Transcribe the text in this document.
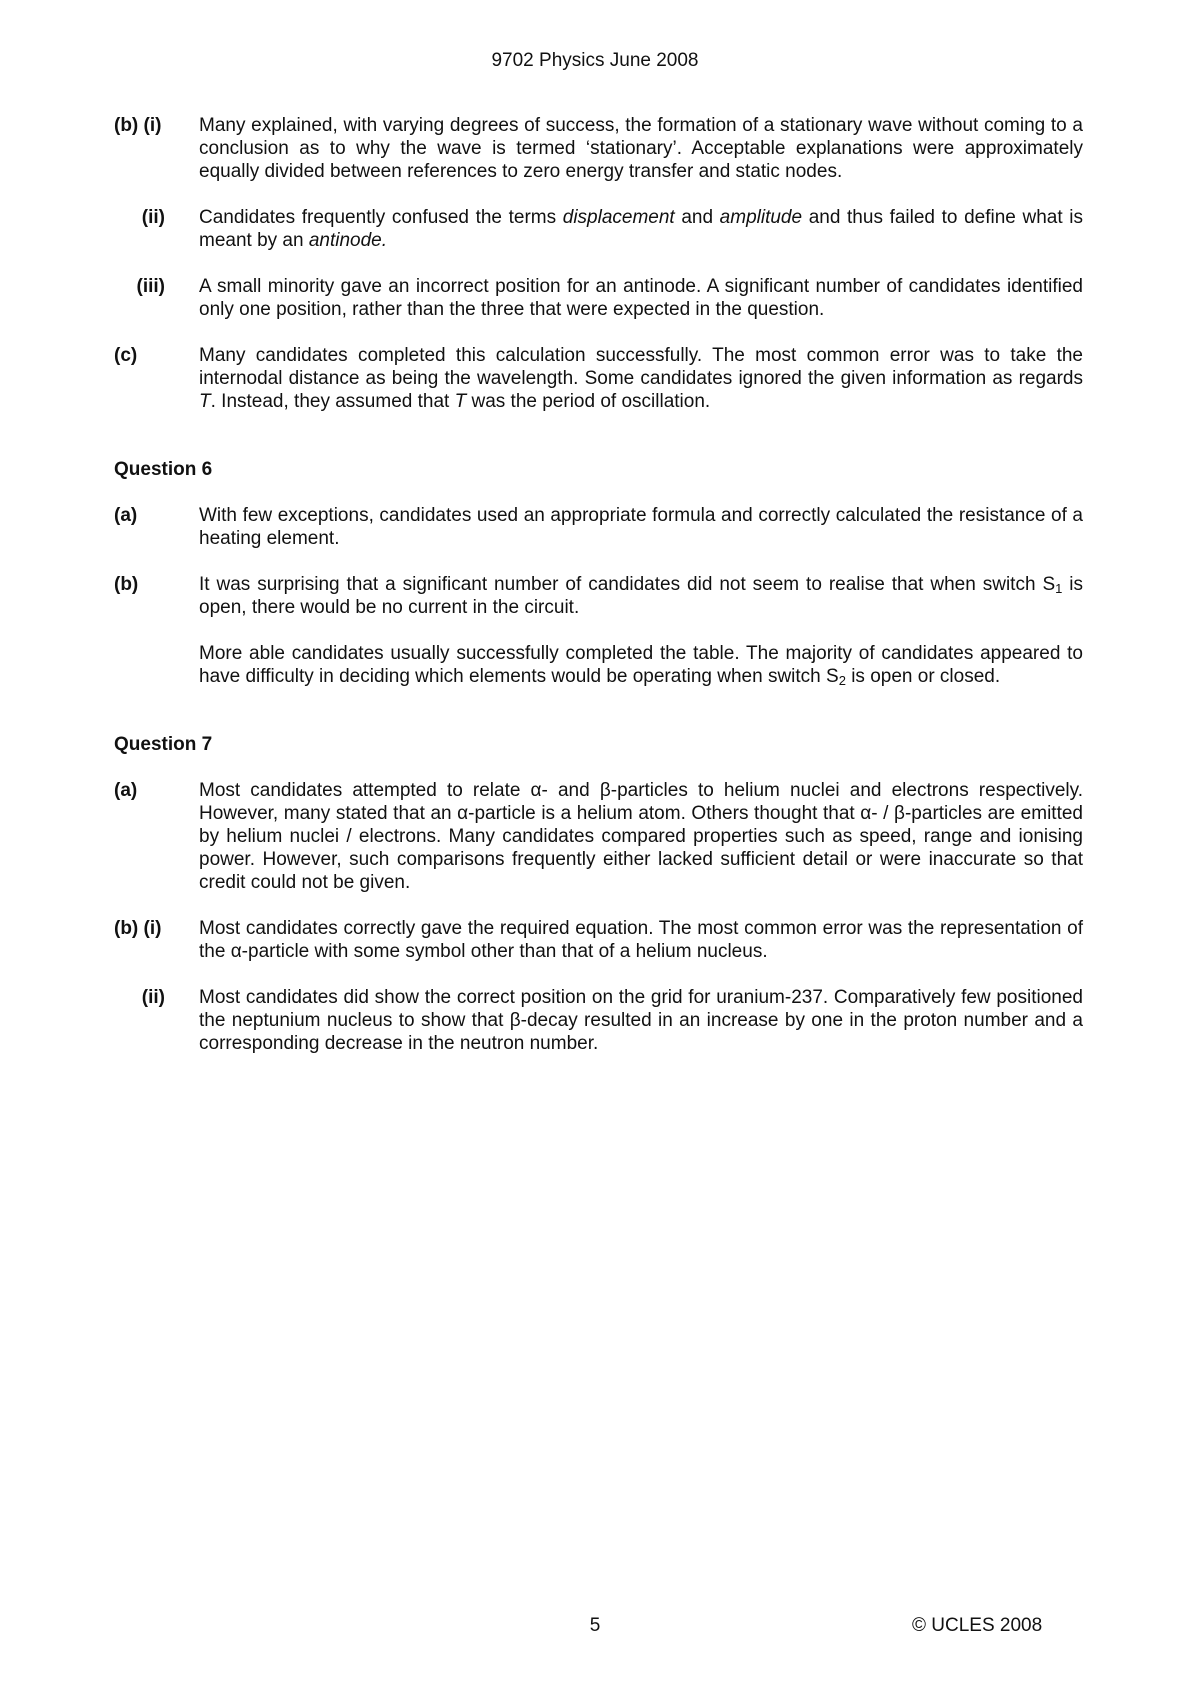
9702 Physics June 2008
(b) (i)	Many explained, with varying degrees of success, the formation of a stationary wave without coming to a conclusion as to why the wave is termed ‘stationary’. Acceptable explanations were approximately equally divided between references to zero energy transfer and static nodes.
(ii)	Candidates frequently confused the terms displacement and amplitude and thus failed to define what is meant by an antinode.
(iii)	A small minority gave an incorrect position for an antinode. A significant number of candidates identified only one position, rather than the three that were expected in the question.
(c)	Many candidates completed this calculation successfully. The most common error was to take the internodal distance as being the wavelength. Some candidates ignored the given information as regards T. Instead, they assumed that T was the period of oscillation.
Question 6
(a)	With few exceptions, candidates used an appropriate formula and correctly calculated the resistance of a heating element.
(b)	It was surprising that a significant number of candidates did not seem to realise that when switch $S_1$ is open, there would be no current in the circuit.
More able candidates usually successfully completed the table. The majority of candidates appeared to have difficulty in deciding which elements would be operating when switch $S_2$ is open or closed.
Question 7
(a)	Most candidates attempted to relate α- and β-particles to helium nuclei and electrons respectively. However, many stated that an α-particle is a helium atom. Others thought that α- / β-particles are emitted by helium nuclei / electrons. Many candidates compared properties such as speed, range and ionising power. However, such comparisons frequently either lacked sufficient detail or were inaccurate so that credit could not be given.
(b) (i)	Most candidates correctly gave the required equation. The most common error was the representation of the α-particle with some symbol other than that of a helium nucleus.
(ii)	Most candidates did show the correct position on the grid for uranium-237. Comparatively few positioned the neptunium nucleus to show that β-decay resulted in an increase by one in the proton number and a corresponding decrease in the neutron number.
5	© UCLES 2008
